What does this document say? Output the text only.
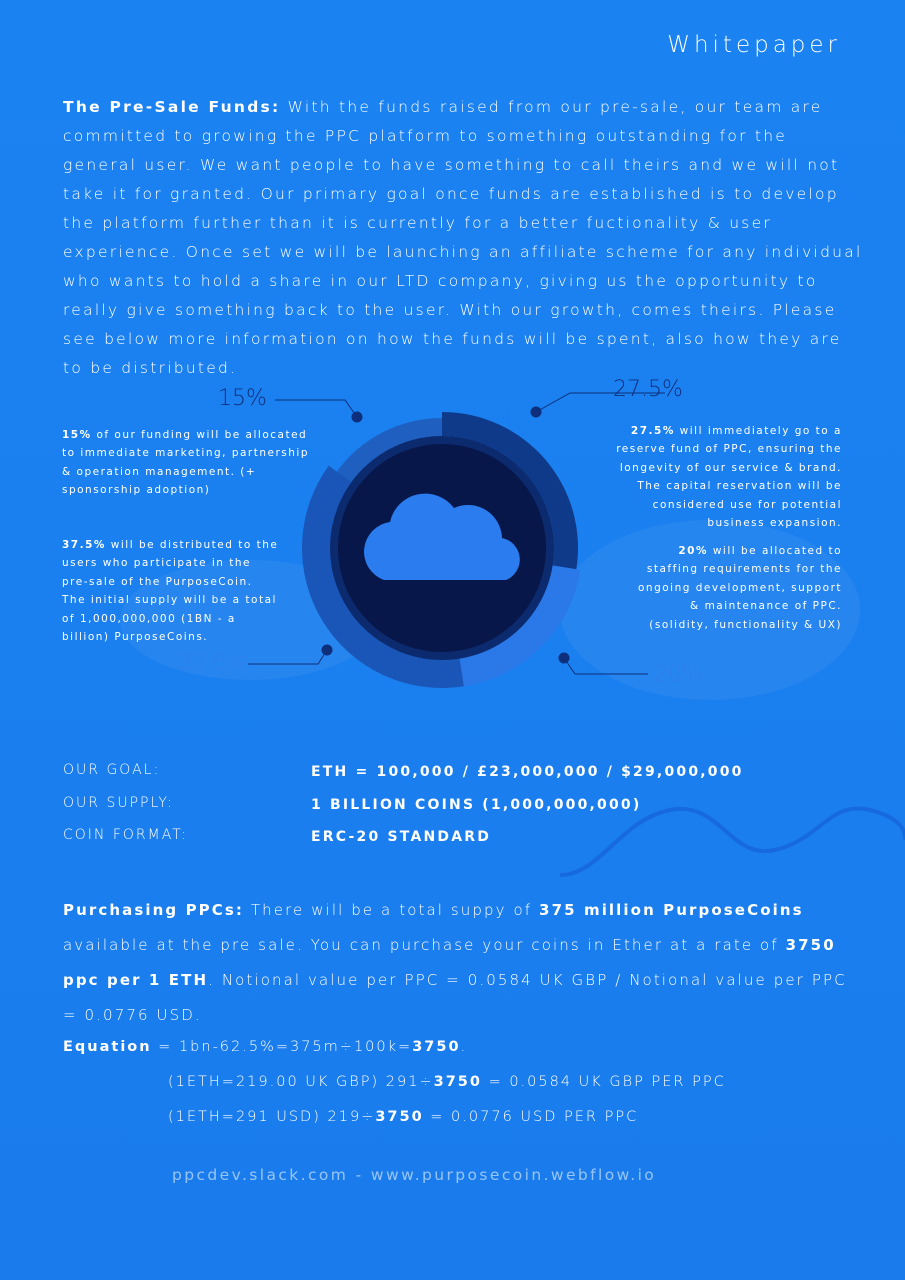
Whitepaper
The Pre-Sale Funds: With the funds raised from our pre-sale, our team are committed to growing the PPC platform to something outstanding for the general user. We want people to have something to call theirs and we will not take it for granted. Our primary goal once funds are established is to develop the platform further than it is currently for a better fuctionality & user experience. Once set we will be launching an affiliate scheme for any individual who wants to hold a share in our LTD company, giving us the opportunity to really give something back to the user. With our growth, comes theirs. Please see below more information on how the funds will be spent, also how they are to be distributed.
15%	27.5%
20%
37.5%
15% of our funding will be allocated to immediate marketing, partnership & operation management. (+ sponsorship adoption)
37.5% will be distributed to the users who participate in the pre-sale of the PurposeCoin. The initial supply will be a total of 1,000,000,000 (1BN - a billion) PurposeCoins.
27.5% will immediately go to a reserve fund of PPC, ensuring the longevity of our service & brand. The capital reservation will be considered use for potential business expansion.
20% will be allocated to staffing requirements for the ongoing development, support & maintenance of PPC. (solidity, functionality & UX)
OUR GOAL:	ETH = 100,000 / £23,000,000 / $29,000,000
OUR SUPPLY:	1 BILLION COINS (1,000,000,000)
COIN FORMAT:	ERC-20 STANDARD
Purchasing PPCs: There will be a total suppy of 375 million PurposeCoins available at the pre sale. You can purchase your coins in Ether at a rate of 3750 ppc per 1 ETH. Notional value per PPC = 0.0584 UK GBP / Notional value per PPC = 0.0776 USD.
Equation = 1bn-62.5%=375m÷100k=3750.
(1ETH=219.00 UK GBP) 291÷3750 = 0.0584 UK GBP PER PPC
(1ETH=291 USD) 219÷3750 = 0.0776 USD PER PPC
ppcdev.slack.com - www.purposecoin.webflow.io
